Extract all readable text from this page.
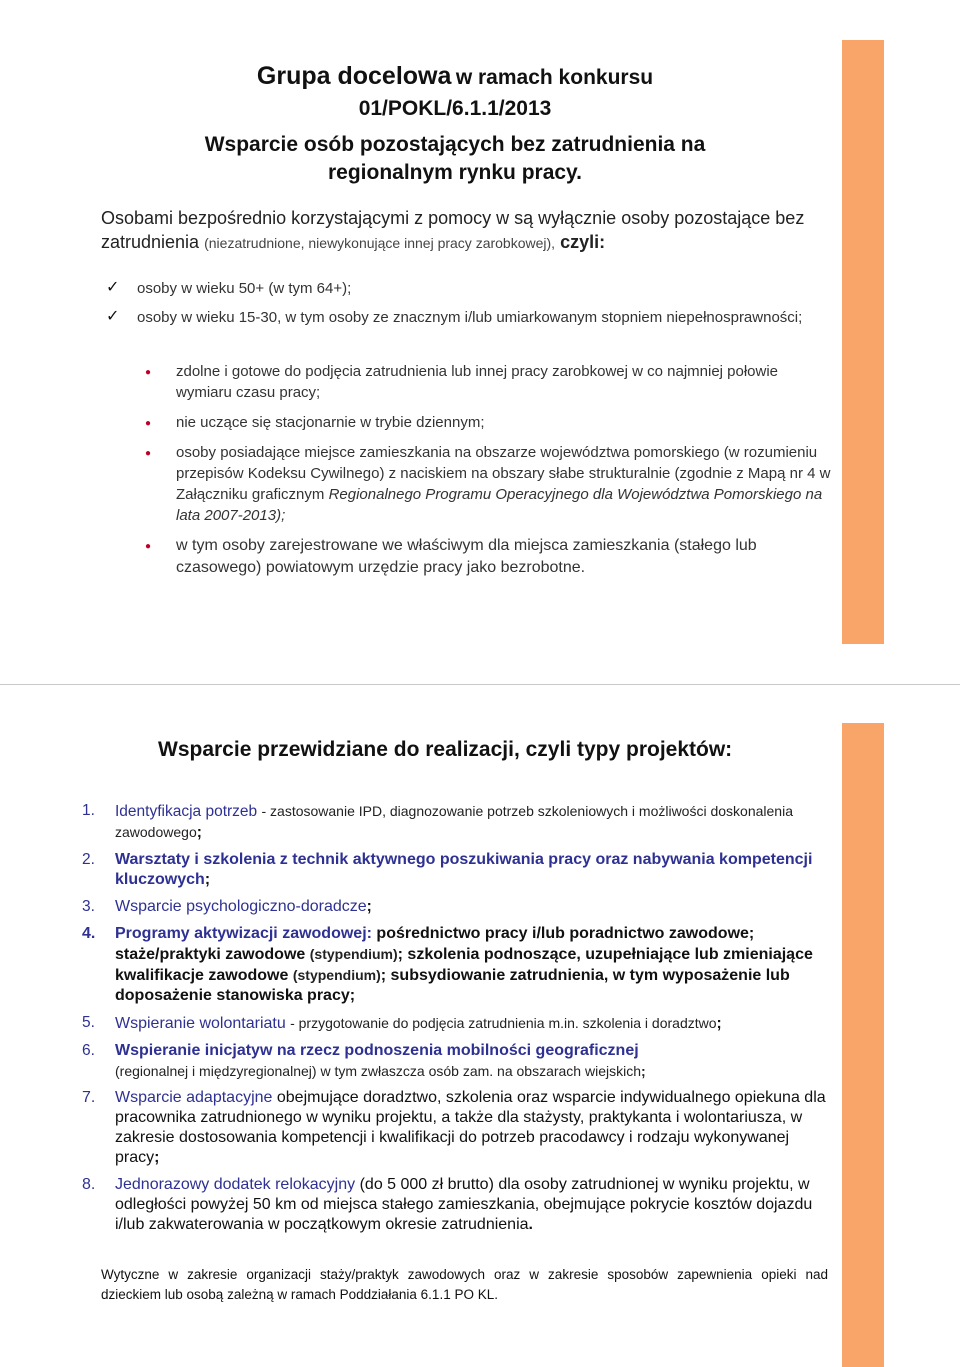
Grupa docelowa w ramach konkursu
01/POKL/6.1.1/2013
Wsparcie osób pozostających bez zatrudnienia na regionalnym rynku pracy.
Osobami bezpośrednio korzystającymi z pomocy w są wyłącznie osoby pozostające bez zatrudnienia (niezatrudnione, niewykonujące innej pracy zarobkowej), czyli:
✓ osoby w wieku 50+ (w tym 64+);
✓ osoby w wieku 15-30, w tym osoby ze znacznym i/lub umiarkowanym stopniem niepełnosprawności;
● zdolne i gotowe do podjęcia zatrudnienia lub innej pracy zarobkowej w co najmniej połowie wymiaru czasu pracy;
● nie uczące się stacjonarnie w trybie dziennym;
● osoby posiadające miejsce zamieszkania na obszarze województwa pomorskiego (w rozumieniu przepisów Kodeksu Cywilnego) z naciskiem na obszary słabe strukturalnie (zgodnie z Mapą nr 4 w Załączniku graficznym Regionalnego Programu Operacyjnego dla Województwa Pomorskiego na lata 2007-2013);
● w tym osoby zarejestrowane we właściwym dla miejsca zamieszkania (stałego lub czasowego) powiatowym urzędzie pracy jako bezrobotne.
Wsparcie przewidziane do realizacji, czyli typy projektów:
1. Identyfikacja potrzeb - zastosowanie IPD, diagnozowanie potrzeb szkoleniowych i możliwości doskonalenia zawodowego;
2. Warsztaty i szkolenia z technik aktywnego poszukiwania pracy oraz nabywania kompetencji kluczowych;
3. Wsparcie psychologiczno-doradcze;
4. Programy aktywizacji zawodowej: pośrednictwo pracy i/lub poradnictwo zawodowe; staże/praktyki zawodowe (stypendium); szkolenia podnoszące, uzupełniające lub zmieniające kwalifikacje zawodowe (stypendium); subsydiowanie zatrudnienia, w tym wyposażenie lub doposażenie stanowiska pracy;
5. Wspieranie wolontariatu - przygotowanie do podjęcia zatrudnienia m.in. szkolenia i doradztwo;
6. Wspieranie inicjatyw na rzecz podnoszenia mobilności geograficznej
(regionalnej i międzyregionalnej) w tym zwłaszcza osób zam. na obszarach wiejskich;
7. Wsparcie adaptacyjne obejmujące doradztwo, szkolenia oraz wsparcie indywidualnego opiekuna dla pracownika zatrudnionego w wyniku projektu, a także dla stażysty, praktykanta i wolontariusza, w zakresie dostosowania kompetencji i kwalifikacji do potrzeb pracodawcy i rodzaju wykonywanej pracy;
8. Jednorazowy dodatek relokacyjny (do 5 000 zł brutto) dla osoby zatrudnionej w wyniku projektu, w odległości powyżej 50 km od miejsca stałego zamieszkania, obejmujące pokrycie kosztów dojazdu i/lub zakwaterowania w początkowym okresie zatrudnienia.
Wytyczne w zakresie organizacji staży/praktyk zawodowych oraz w zakresie sposobów zapewnienia opieki nad dzieckiem lub osobą zależną w ramach Poddziałania 6.1.1 PO KL.
